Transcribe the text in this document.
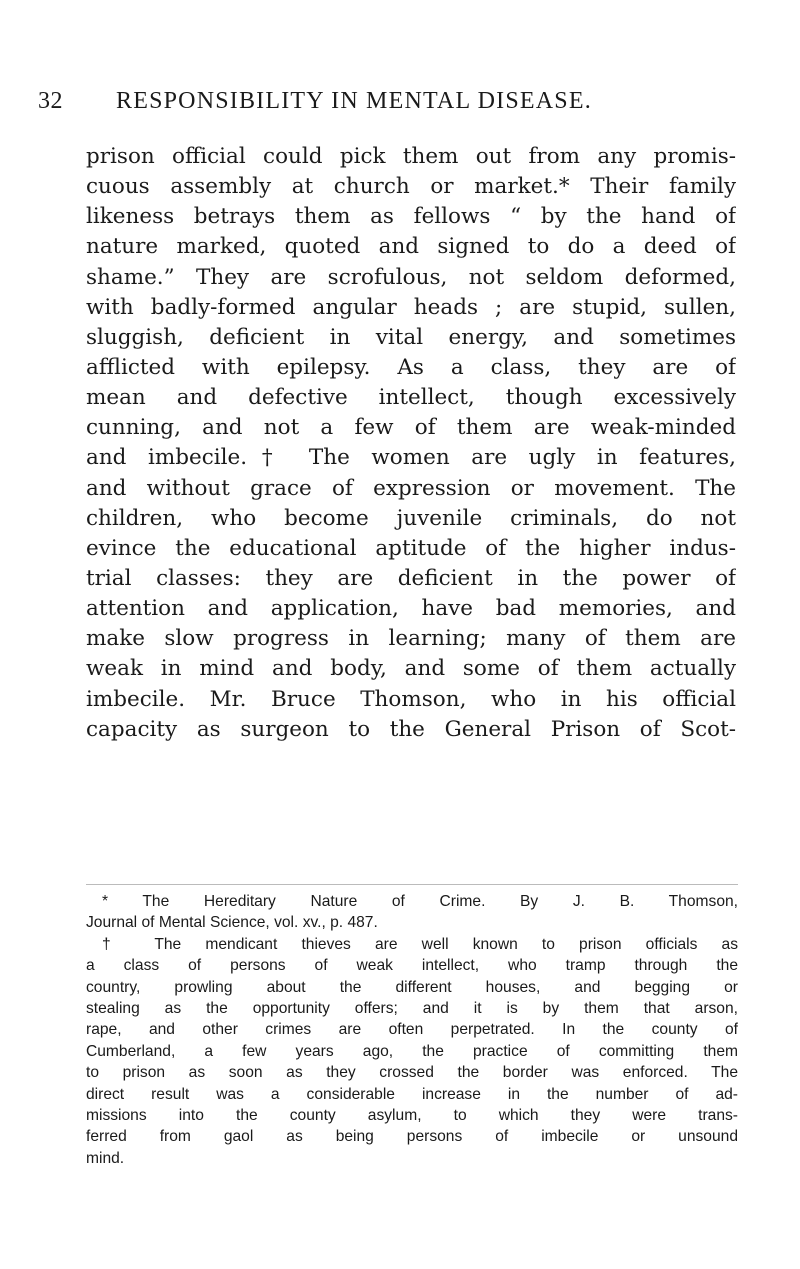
32 RESPONSIBILITY IN MENTAL DISEASE.
prison official could pick them out from any promis-
cuous assembly at church or market.* Their family
likeness betrays them as fellows “ by the hand of
nature marked, quoted and signed to do a deed of
shame.” They are scrofulous, not seldom deformed,
with badly-formed angular heads ; are stupid, sullen,
sluggish, deficient in vital energy, and sometimes
afflicted with epilepsy. As a class, they are of
mean and defective intellect, though excessively
cunning, and not a few of them are weak-minded
and imbecile.† The women are ugly in features,
and without grace of expression or movement. The
children, who become juvenile criminals, do not
evince the educational aptitude of the higher indus-
trial classes: they are deficient in the power of
attention and application, have bad memories, and
make slow progress in learning; many of them are
weak in mind and body, and some of them actually
imbecile. Mr. Bruce Thomson, who in his official
capacity as surgeon to the General Prison of Scot-
* The Hereditary Nature of Crime. By J. B. Thomson,
Journal of Mental Science, vol. xv., p. 487.
† The mendicant thieves are well known to prison officials as
a class of persons of weak intellect, who tramp through the
country, prowling about the different houses, and begging or
stealing as the opportunity offers; and it is by them that arson,
rape, and other crimes are often perpetrated. In the county of
Cumberland, a few years ago, the practice of committing them
to prison as soon as they crossed the border was enforced. The
direct result was a considerable increase in the number of ad-
missions into the county asylum, to which they were trans-
ferred from gaol as being persons of imbecile or unsound
mind.
